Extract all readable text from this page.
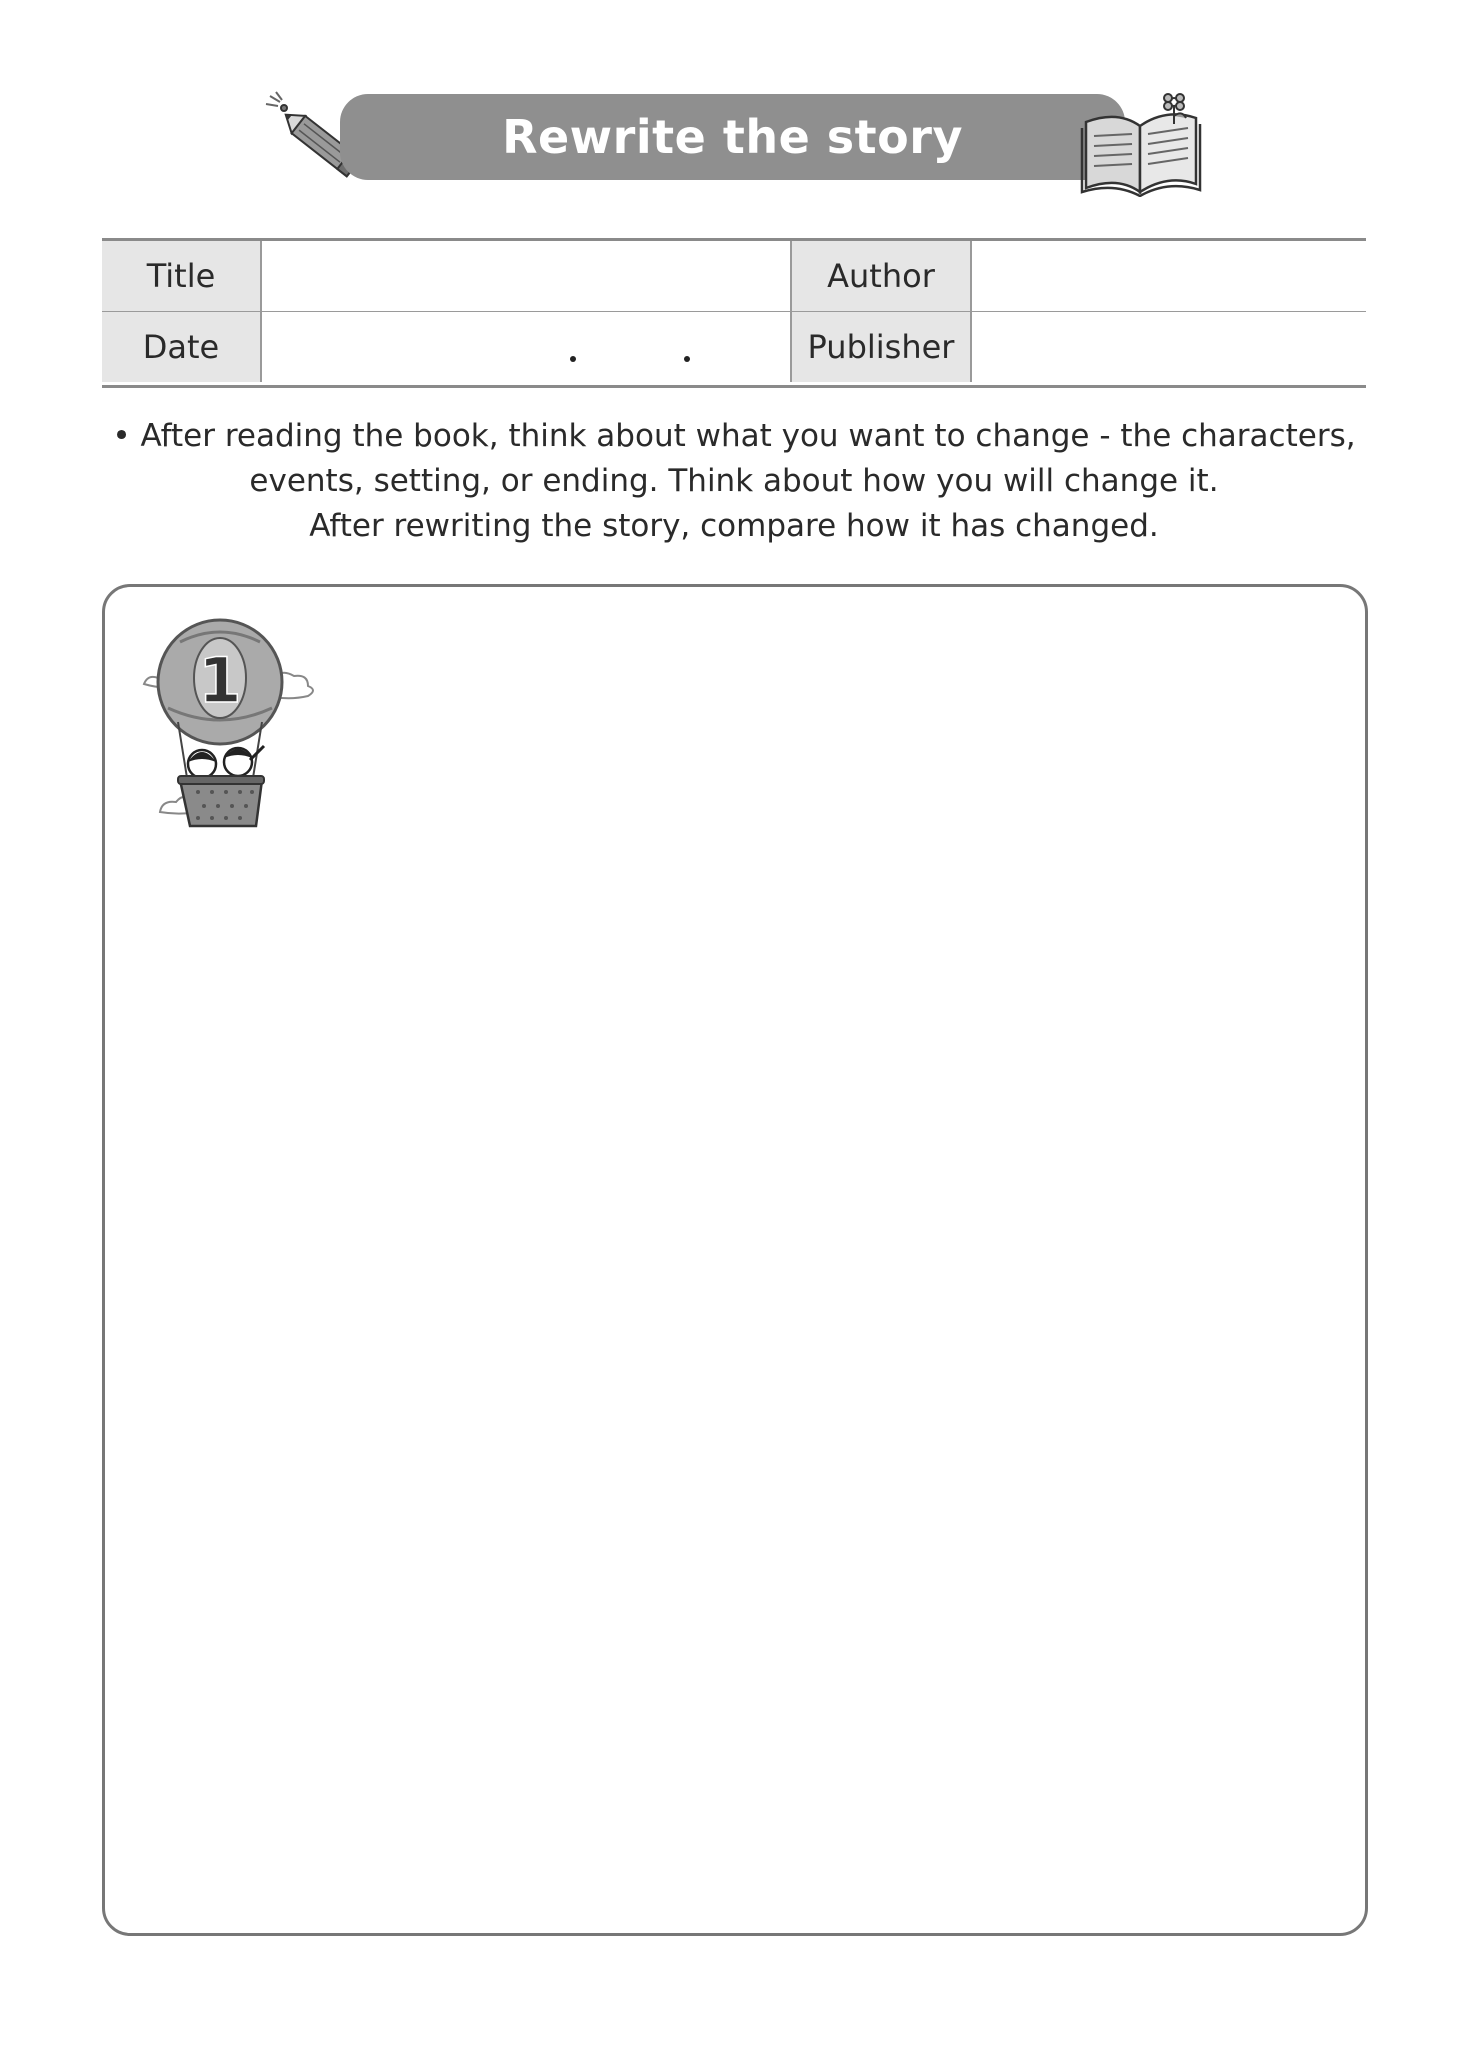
Rewrite the story
Title	Author
Date	Publisher
• After reading the book, think about what you want to change - the characters,
events, setting, or ending. Think about how you will change it.
After rewriting the story, compare how it has changed.
1
